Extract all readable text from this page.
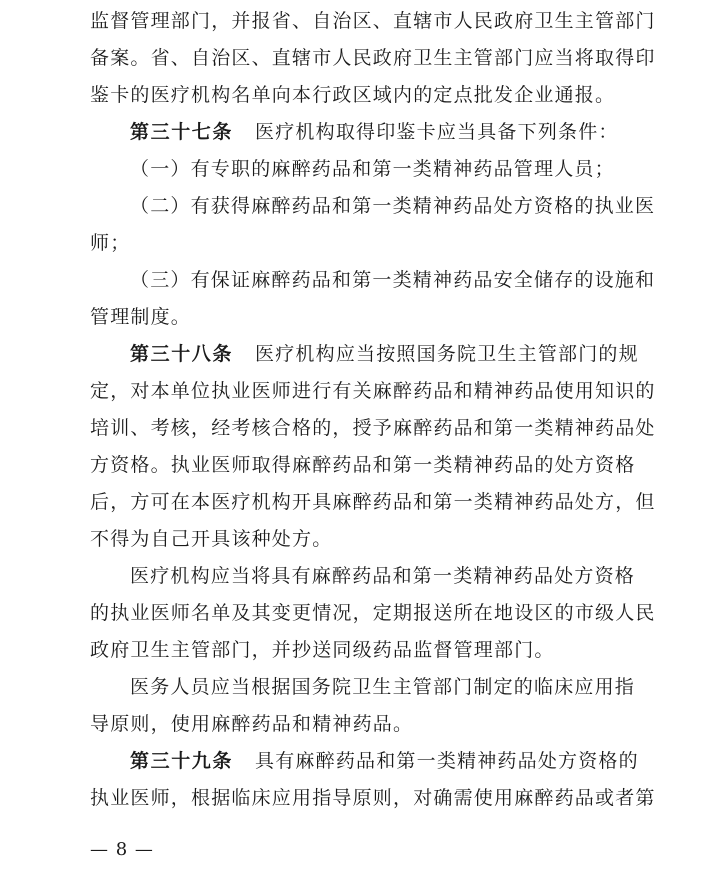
监督管理部门，并报省、自治区、直辖市人民政府卫生主管部门
备案。省、自治区、直辖市人民政府卫生主管部门应当将取得印
鉴卡的医疗机构名单向本行政区域内的定点批发企业通报。
第三十七条 医疗机构取得印鉴卡应当具备下列条件：
（一）有专职的麻醉药品和第一类精神药品管理人员；
（二）有获得麻醉药品和第一类精神药品处方资格的执业医
师；
（三）有保证麻醉药品和第一类精神药品安全储存的设施和
管理制度。
第三十八条 医疗机构应当按照国务院卫生主管部门的规
定，对本单位执业医师进行有关麻醉药品和精神药品使用知识的
培训、考核，经考核合格的，授予麻醉药品和第一类精神药品处
方资格。执业医师取得麻醉药品和第一类精神药品的处方资格
后，方可在本医疗机构开具麻醉药品和第一类精神药品处方，但
不得为自己开具该种处方。
医疗机构应当将具有麻醉药品和第一类精神药品处方资格
的执业医师名单及其变更情况，定期报送所在地设区的市级人民
政府卫生主管部门，并抄送同级药品监督管理部门。
医务人员应当根据国务院卫生主管部门制定的临床应用指
导原则，使用麻醉药品和精神药品。
第三十九条 具有麻醉药品和第一类精神药品处方资格的
执业医师，根据临床应用指导原则，对确需使用麻醉药品或者第
— 8 —
